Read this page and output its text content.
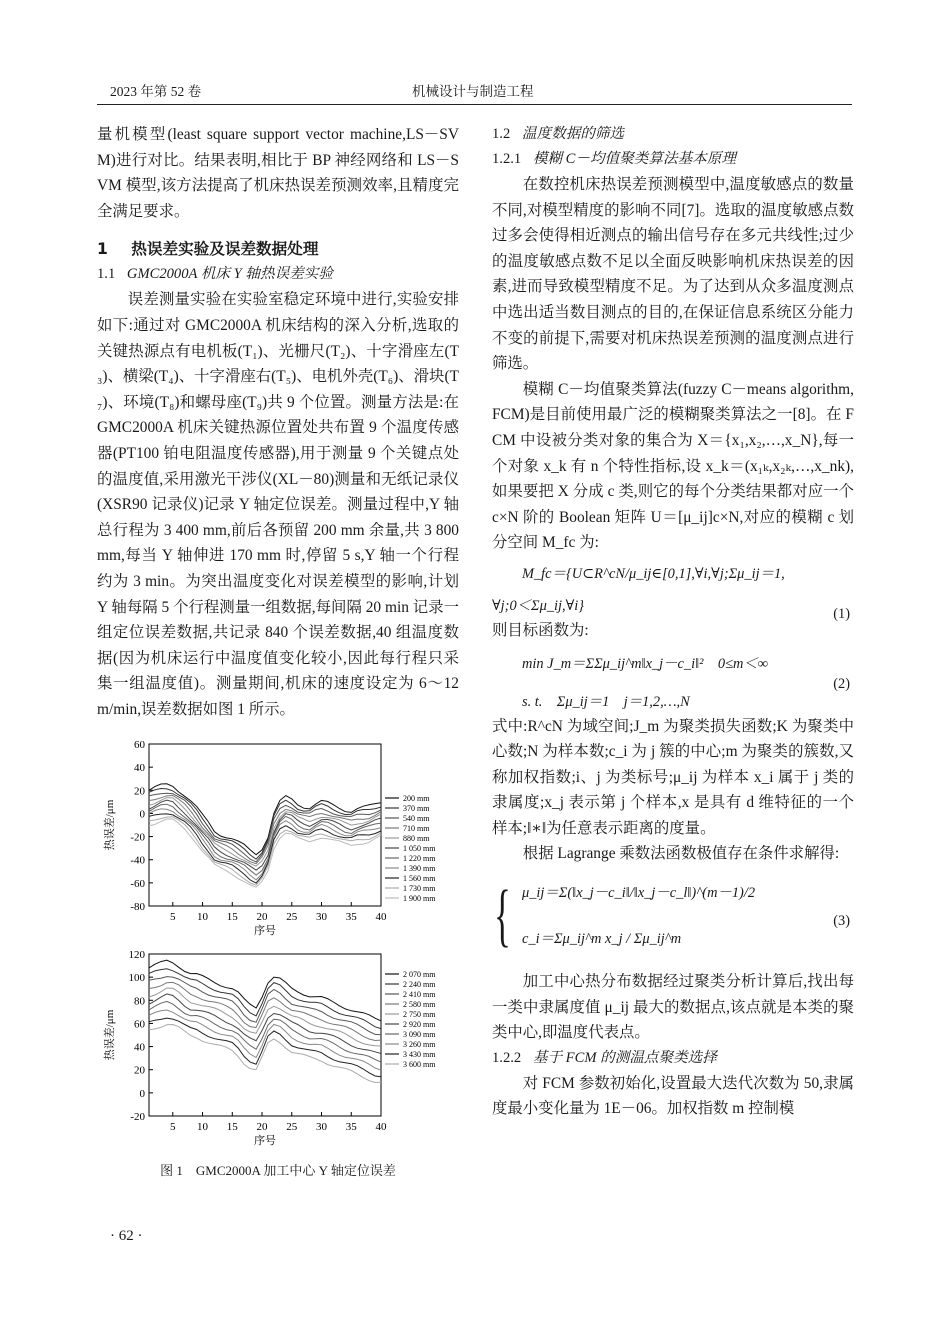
2023 年第 52 卷	机械设计与制造工程

量机模型(least square support vector machine,LS－SVM)进行对比。结果表明,相比于 BP 神经网络和 LS－SVM 模型,该方法提高了机床热误差预测效率,且精度完全满足要求。

1 热误差实验及误差数据处理
1.1 GMC2000A 机床 Y 轴热误差实验

误差测量实验在实验室稳定环境中进行,实验安排如下:通过对 GMC2000A 机床结构的深入分析,选取的关键热源点有电机板(T₁)、光栅尺(T₂)、十字滑座左(T₃)、横梁(T₄)、十字滑座右(T₅)、电机外壳(T₆)、滑块(T₇)、环境(T₈)和螺母座(T₉)共 9 个位置。测量方法是:在 GMC2000A 机床关键热源位置处共布置 9 个温度传感器(PT100 铂电阻温度传感器),用于测量 9 个关键点处的温度值,采用激光干涉仪(XL－80)测量和无纸记录仪(XSR90 记录仪)记录 Y 轴定位误差。测量过程中,Y 轴总行程为 3 400 mm,前后各预留 200 mm 余量,共 3 800 mm,每当 Y 轴伸进 170 mm 时,停留 5 s,Y 轴一个行程约为 3 min。为突出温度变化对误差模型的影响,计划 Y 轴每隔 5 个行程测量一组数据,每间隔 20 min 记录一组定位误差数据,共记录 840 个误差数据,40 组温度数据(因为机床运行中温度值变化较小,因此每行程只采集一组温度值)。测量期间,机床的速度设定为 6～12 m/min,误差数据如图 1 所示。

60
40
20
0
-20
-40
-60
-80
5 10 15 20 25 30 35 40
序号
热误差/μm
200 mm
370 mm
540 mm
710 mm
880 mm
1 050 mm
1 220 mm
1 390 mm
1 560 mm
1 730 mm
1 900 mm

120
100
80
60
40
20
0
-20
5 10 15 20 25 30 35 40
序号
热误差/μm
2 070 mm
2 240 mm
2 410 mm
2 580 mm
2 750 mm
2 920 mm
3 090 mm
3 260 mm
3 430 mm
3 600 mm
图 1　GMC2000A 加工中心 Y 轴定位误差
· 62 ·
1.2 温度数据的筛选
1.2.1 模糊 C－均值聚类算法基本原理

在数控机床热误差预测模型中,温度敏感点的数量不同,对模型精度的影响不同[7]。选取的温度敏感点数过多会使得相近测点的输出信号存在多元共线性;过少的温度敏感点数不足以全面反映影响机床热误差的因素,进而导致模型精度不足。为了达到从众多温度测点中选出适当数目测点的目的,在保证信息系统区分能力不变的前提下,需要对机床热误差预测的温度测点进行筛选。

模糊 C－均值聚类算法(fuzzy C－means algorithm,FCM)是目前使用最广泛的模糊聚类算法之一[8]。在 FCM 中设被分类对象的集合为 X＝{x₁,x₂,…,x_N},每一个对象 x_k 有 n 个特性指标,设 x_k＝(x₁ₖ,x₂ₖ,…,x_nk),如果要把 X 分成 c 类,则它的每个分类结果都对应一个 c×N 阶的 Boolean 矩阵 U＝[μ_ij]c×N,对应的模糊 c 划分空间 M_fc 为:

M_fc＝{U⊂R^cN/μ_ij∈[0,1],∀i,∀j;Σμ_ij＝1,
∀j;0＜Σμ_ij,∀i}	(1)

则目标函数为:

min J_m＝ΣΣμ_ij^m‖x_j－c_i‖²　0≤m＜∞
s. t.　Σμ_ij＝1　j＝1,2,…,N
(2)

式中:R^cN 为域空间;J_m 为聚类损失函数;K 为聚类中心数;N 为样本数;c_i 为 j 簇的中心;m 为聚类的簇数,又称加权指数;i、j 为类标号;μ_ij 为样本 x_i 属于 j 类的隶属度;x_j 表示第 j 个样本,x 是具有 d 维特征的一个样本;‖∗‖为任意表示距离的度量。

根据 Lagrange 乘数法函数极值存在条件求解得:

{ μ_ij＝Σ(‖x_j－c_i‖/‖x_j－c_l‖)^(m－1)/2
c_i＝Σμ_ij^m x_j / Σμ_ij^m
(3)

加工中心热分布数据经过聚类分析计算后,找出每一类中隶属度值 μ_ij 最大的数据点,该点就是本类的聚类中心,即温度代表点。

1.2.2 基于 FCM 的测温点聚类选择

对 FCM 参数初始化,设置最大迭代次数为 50,隶属度最小变化量为 1E－06。加权指数 m 控制模
